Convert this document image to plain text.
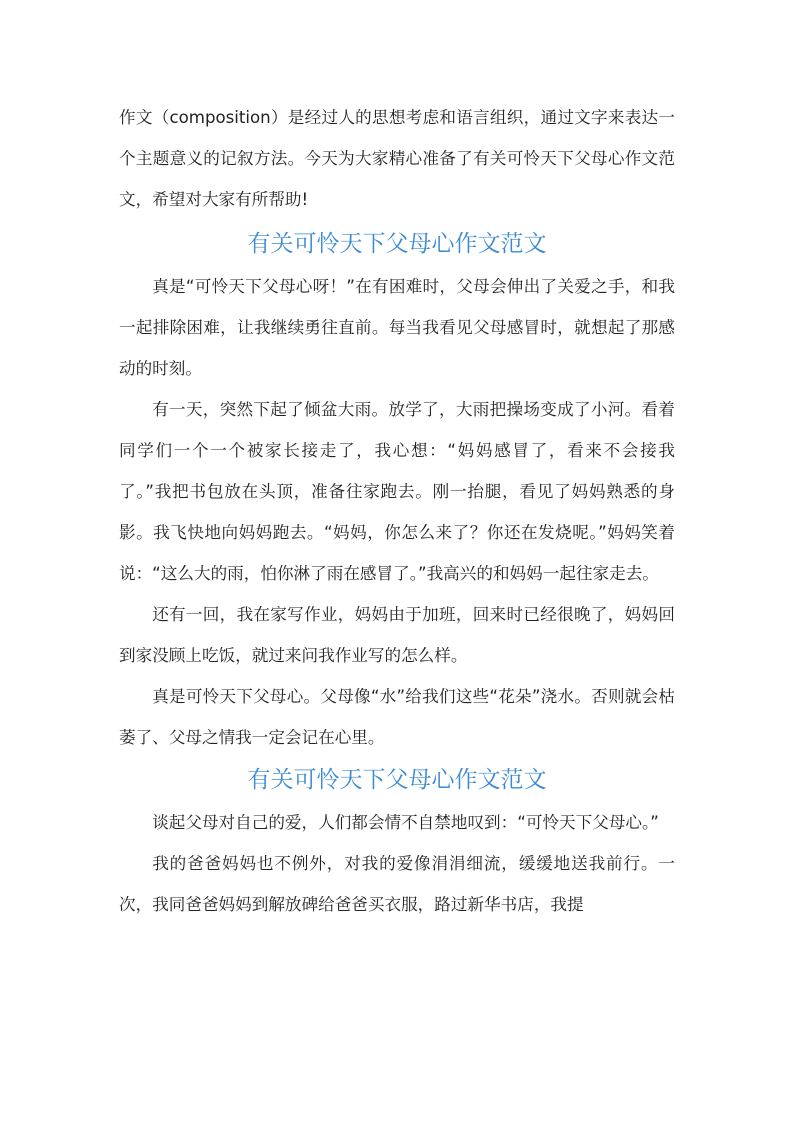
作文（composition）是经过人的思想考虑和语言组织，通过文字来表达一个主题意义的记叙方法。今天为大家精心准备了有关可怜天下父母心作文范文，希望对大家有所帮助!

有关可怜天下父母心作文范文

真是“可怜天下父母心呀！”在有困难时，父母会伸出了关爱之手，和我一起排除困难，让我继续勇往直前。每当我看见父母感冒时，就想起了那感动的时刻。

有一天，突然下起了倾盆大雨。放学了，大雨把操场变成了小河。看着同学们一个一个被家长接走了，我心想：“妈妈感冒了，看来不会接我了。”我把书包放在头顶，准备往家跑去。刚一抬腿，看见了妈妈熟悉的身影。我飞快地向妈妈跑去。“妈妈，你怎么来了？你还在发烧呢。”妈妈笑着说：“这么大的雨，怕你淋了雨在感冒了。”我高兴的和妈妈一起往家走去。

还有一回，我在家写作业，妈妈由于加班，回来时已经很晚了，妈妈回到家没顾上吃饭，就过来问我作业写的怎么样。

真是可怜天下父母心。父母像“水”给我们这些“花朵”浇水。否则就会枯萎了、父母之情我一定会记在心里。

有关可怜天下父母心作文范文

谈起父母对自己的爱，人们都会情不自禁地叹到：“可怜天下父母心。”

我的爸爸妈妈也不例外，对我的爱像涓涓细流，缓缓地送我前行。一次，我同爸爸妈妈到解放碑给爸爸买衣服，路过新华书店，我提
